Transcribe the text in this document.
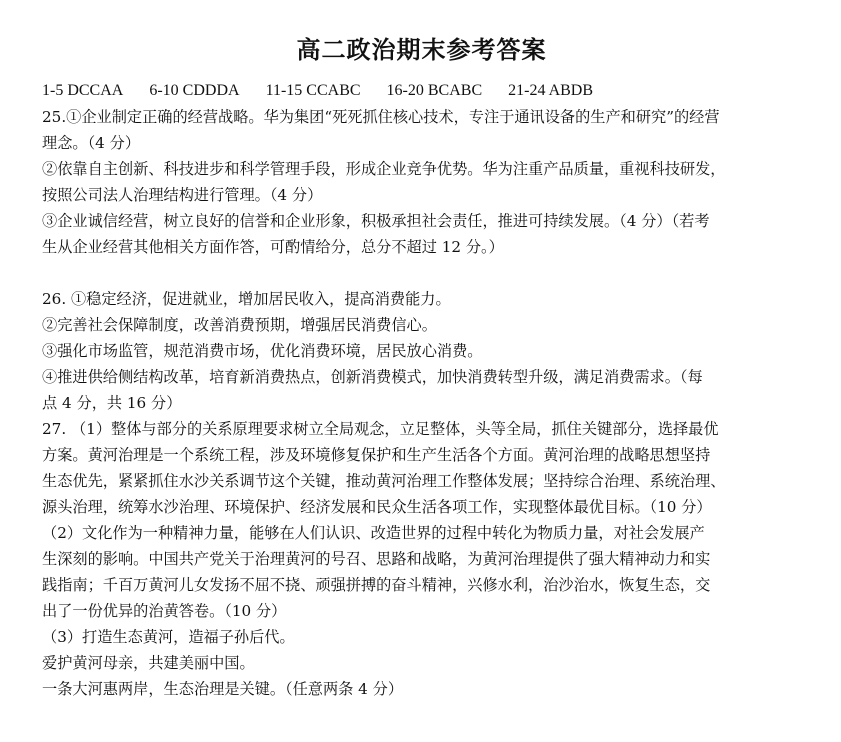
高二政治期末参考答案
1-5 DCCAA 6-10 CDDDA 11-15 CCABC 16-20 BCABC 21-24 ABDB
25.①企业制定正确的经营战略。华为集团“死死抓住核心技术，专注于通讯设备的生产和研究”的经营
理念。（4 分）
②依靠自主创新、科技进步和科学管理手段，形成企业竞争优势。华为注重产品质量，重视科技研发，
按照公司法人治理结构进行管理。（4 分）
③企业诚信经营，树立良好的信誉和企业形象，积极承担社会责任，推进可持续发展。（4 分）（若考
生从企业经营其他相关方面作答，可酌情给分，总分不超过 12 分。）
26. ①稳定经济，促进就业，增加居民收入，提高消费能力。
②完善社会保障制度，改善消费预期，增强居民消费信心。
③强化市场监管，规范消费市场，优化消费环境，居民放心消费。
④推进供给侧结构改革，培育新消费热点，创新消费模式，加快消费转型升级，满足消费需求。（每
点 4 分，共 16 分）
27. （1）整体与部分的关系原理要求树立全局观念，立足整体，头等全局，抓住关键部分，选择最优
方案。黄河治理是一个系统工程，涉及环境修复保护和生产生活各个方面。黄河治理的战略思想坚持
生态优先，紧紧抓住水沙关系调节这个关键，推动黄河治理工作整体发展；坚持综合治理、系统治理、
源头治理，统筹水沙治理、环境保护、经济发展和民众生活各项工作，实现整体最优目标。（10 分）
（2）文化作为一种精神力量，能够在人们认识、改造世界的过程中转化为物质力量，对社会发展产
生深刻的影响。中国共产党关于治理黄河的号召、思路和战略，为黄河治理提供了强大精神动力和实
践指南；千百万黄河儿女发扬不屈不挠、顽强拼搏的奋斗精神，兴修水利，治沙治水，恢复生态，交
出了一份优异的治黄答卷。（10 分）
（3）打造生态黄河，造福子孙后代。
爱护黄河母亲，共建美丽中国。
一条大河惠两岸，生态治理是关键。（任意两条 4 分）
